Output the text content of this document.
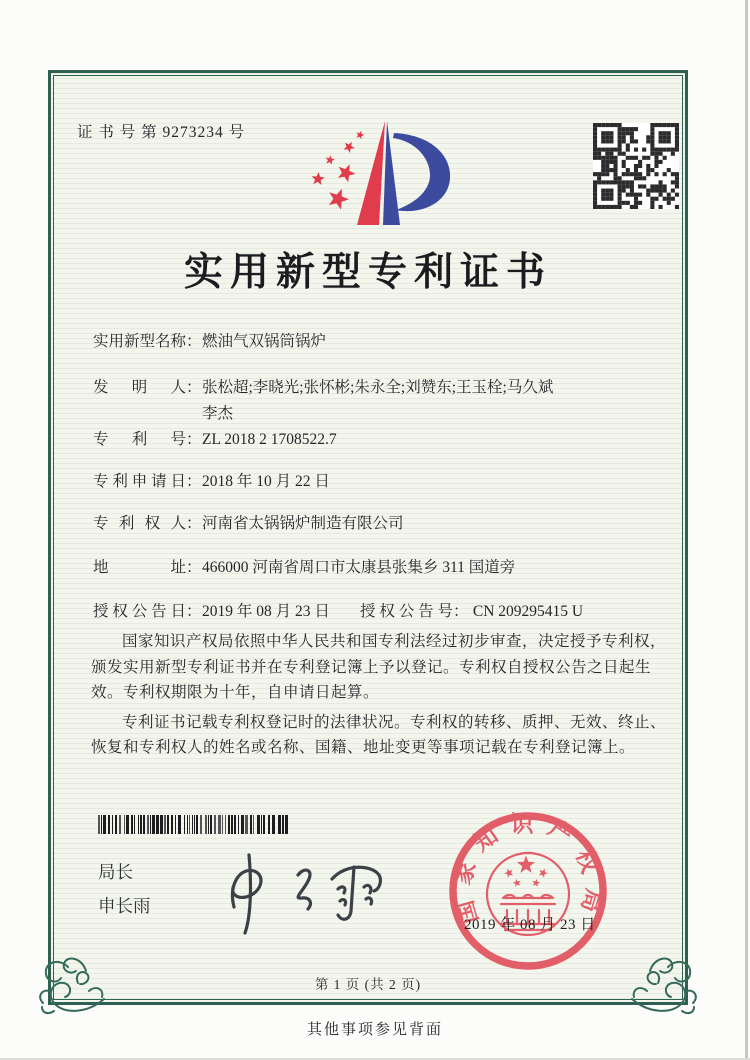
证 书 号 第 9273234 号
实用新型专利证书
实用新型名称 ： 燃油气双锅筒锅炉
发明人 ： 张松超;李晓光;张怀彬;朱永全;刘赞东;王玉栓;马久斌
李杰
专利号 ： ZL 2018 2 1708522.7
专利申请日 ： 2018 年 10 月 22 日
专利权人 ： 河南省太锅锅炉制造有限公司
地址 ： 466000 河南省周口市太康县张集乡 311 国道旁
授权公告日 ： 2019 年 08 月 23 日 授权公告号： CN 209295415 U

国家知识产权局依照中华人民共和国专利法经过初步审查，决定授予专利权，颁发实用新型专利证书并在专利登记簿上予以登记。专利权自授权公告之日起生效。专利权期限为十年，自申请日起算。

专利证书记载专利权登记时的法律状况。专利权的转移、质押、无效、终止、恢复和专利权人的姓名或名称、国籍、地址变更等事项记载在专利登记簿上。

局长
申长雨	国家知识产权局
2019 年 08 月 23 日
第 1 页 (共 2 页)
其他事项参见背面
